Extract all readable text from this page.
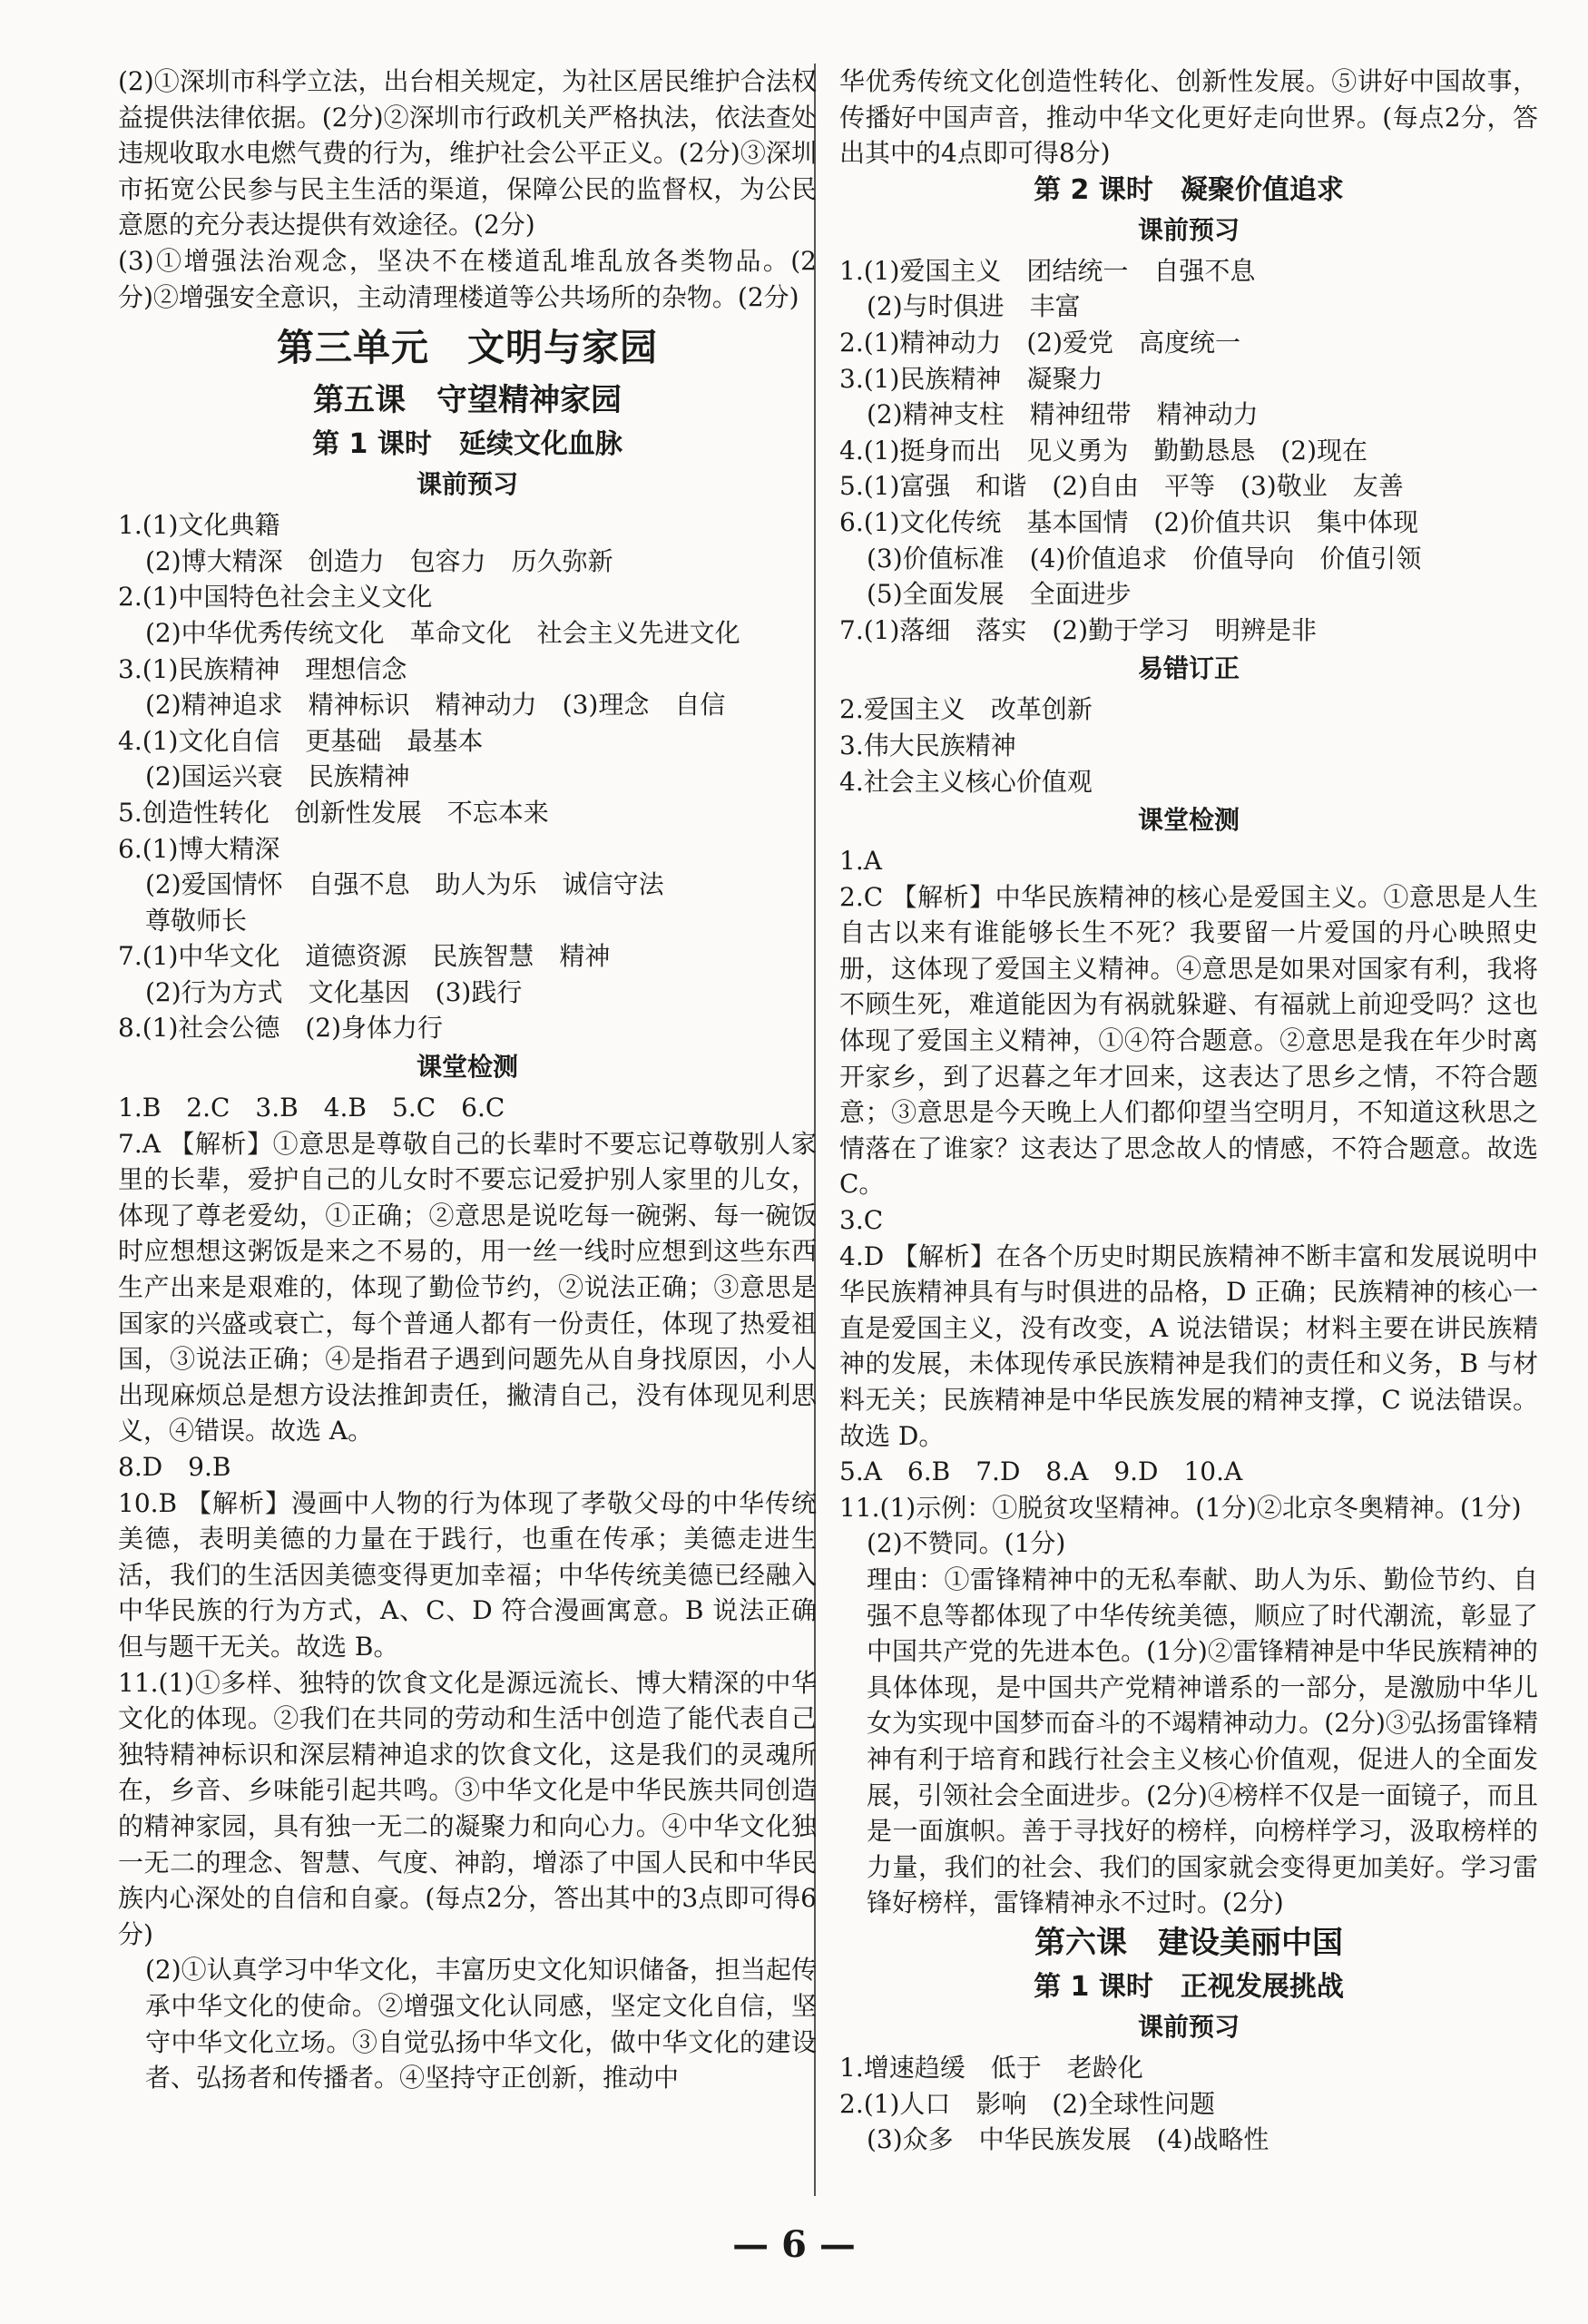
(2)①深圳市科学立法，出台相关规定，为社区居民维护合法权益提供法律依据。(2分)②深圳市行政机关严格执法，依法查处违规收取水电燃气费的行为，维护社会公平正义。(2分)③深圳市拓宽公民参与民主生活的渠道，保障公民的监督权，为公民意愿的充分表达提供有效途径。(2分)

(3)①增强法治观念，坚决不在楼道乱堆乱放各类物品。(2分)②增强安全意识，主动清理楼道等公共场所的杂物。(2分)

第三单元　文明与家园
第五课　守望精神家园
第 1 课时　延续文化血脉
课前预习

1.(1)文化典籍

(2)博大精深　创造力　包容力　历久弥新

2.(1)中国特色社会主义文化

(2)中华优秀传统文化　革命文化　社会主义先进文化

3.(1)民族精神　理想信念

(2)精神追求　精神标识　精神动力　(3)理念　自信

4.(1)文化自信　更基础　最基本

(2)国运兴衰　民族精神

5.创造性转化　创新性发展　不忘本来

6.(1)博大精深

(2)爱国情怀　自强不息　助人为乐　诚信守法

尊敬师长

7.(1)中华文化　道德资源　民族智慧　精神

(2)行为方式　文化基因　(3)践行

8.(1)社会公德　(2)身体力行

课堂检测

1.B　2.C　3.B　4.B　5.C　6.C

7.A 【解析】①意思是尊敬自己的长辈时不要忘记尊敬别人家里的长辈，爱护自己的儿女时不要忘记爱护别人家里的儿女，体现了尊老爱幼，①正确；②意思是说吃每一碗粥、每一碗饭时应想想这粥饭是来之不易的，用一丝一线时应想到这些东西生产出来是艰难的，体现了勤俭节约，②说法正确；③意思是国家的兴盛或衰亡，每个普通人都有一份责任，体现了热爱祖国，③说法正确；④是指君子遇到问题先从自身找原因，小人出现麻烦总是想方设法推卸责任，撇清自己，没有体现见利思义，④错误。故选 A。

8.D　9.B

10.B 【解析】漫画中人物的行为体现了孝敬父母的中华传统美德，表明美德的力量在于践行，也重在传承；美德走进生活，我们的生活因美德变得更加幸福；中华传统美德已经融入中华民族的行为方式，A、C、D 符合漫画寓意。B 说法正确但与题干无关。故选 B。

11.(1)①多样、独特的饮食文化是源远流长、博大精深的中华文化的体现。②我们在共同的劳动和生活中创造了能代表自己独特精神标识和深层精神追求的饮食文化，这是我们的灵魂所在，乡音、乡味能引起共鸣。③中华文化是中华民族共同创造的精神家园，具有独一无二的凝聚力和向心力。④中华文化独一无二的理念、智慧、气度、神韵，增添了中国人民和中华民族内心深处的自信和自豪。(每点2分，答出其中的3点即可得6分)

(2)①认真学习中华文化，丰富历史文化知识储备，担当起传承中华文化的使命。②增强文化认同感，坚定文化自信，坚守中华文化立场。③自觉弘扬中华文化，做中华文化的建设者、弘扬者和传播者。④坚持守正创新，推动中

华优秀传统文化创造性转化、创新性发展。⑤讲好中国故事，传播好中国声音，推动中华文化更好走向世界。(每点2分，答出其中的4点即可得8分)

第 2 课时　凝聚价值追求
课前预习

1.(1)爱国主义　团结统一　自强不息

(2)与时俱进　丰富

2.(1)精神动力　(2)爱党　高度统一

3.(1)民族精神　凝聚力

(2)精神支柱　精神纽带　精神动力

4.(1)挺身而出　见义勇为　勤勤恳恳　(2)现在

5.(1)富强　和谐　(2)自由　平等　(3)敬业　友善

6.(1)文化传统　基本国情　(2)价值共识　集中体现

(3)价值标准　(4)价值追求　价值导向　价值引领

(5)全面发展　全面进步

7.(1)落细　落实　(2)勤于学习　明辨是非

易错订正

2.爱国主义　改革创新

3.伟大民族精神

4.社会主义核心价值观

课堂检测

1.A

2.C 【解析】中华民族精神的核心是爱国主义。①意思是人生自古以来有谁能够长生不死？我要留一片爱国的丹心映照史册，这体现了爱国主义精神。④意思是如果对国家有利，我将不顾生死，难道能因为有祸就躲避、有福就上前迎受吗？这也体现了爱国主义精神，①④符合题意。②意思是我在年少时离开家乡，到了迟暮之年才回来，这表达了思乡之情，不符合题意；③意思是今天晚上人们都仰望当空明月，不知道这秋思之情落在了谁家？这表达了思念故人的情感，不符合题意。故选 C。

3.C

4.D 【解析】在各个历史时期民族精神不断丰富和发展说明中华民族精神具有与时俱进的品格，D 正确；民族精神的核心一直是爱国主义，没有改变，A 说法错误；材料主要在讲民族精神的发展，未体现传承民族精神是我们的责任和义务，B 与材料无关；民族精神是中华民族发展的精神支撑，C 说法错误。故选 D。

5.A　6.B　7.D　8.A　9.D　10.A

11.(1)示例：①脱贫攻坚精神。(1分)②北京冬奥精神。(1分)

(2)不赞同。(1分)

理由：①雷锋精神中的无私奉献、助人为乐、勤俭节约、自强不息等都体现了中华传统美德，顺应了时代潮流，彰显了中国共产党的先进本色。(1分)②雷锋精神是中华民族精神的具体体现，是中国共产党精神谱系的一部分，是激励中华儿女为实现中国梦而奋斗的不竭精神动力。(2分)③弘扬雷锋精神有利于培育和践行社会主义核心价值观，促进人的全面发展，引领社会全面进步。(2分)④榜样不仅是一面镜子，而且是一面旗帜。善于寻找好的榜样，向榜样学习，汲取榜样的力量，我们的社会、我们的国家就会变得更加美好。学习雷锋好榜样，雷锋精神永不过时。(2分)

第六课　建设美丽中国
第 1 课时　正视发展挑战
课前预习

1.增速趋缓　低于　老龄化

2.(1)人口　影响　(2)全球性问题

(3)众多　中华民族发展　(4)战略性

— 6 —
